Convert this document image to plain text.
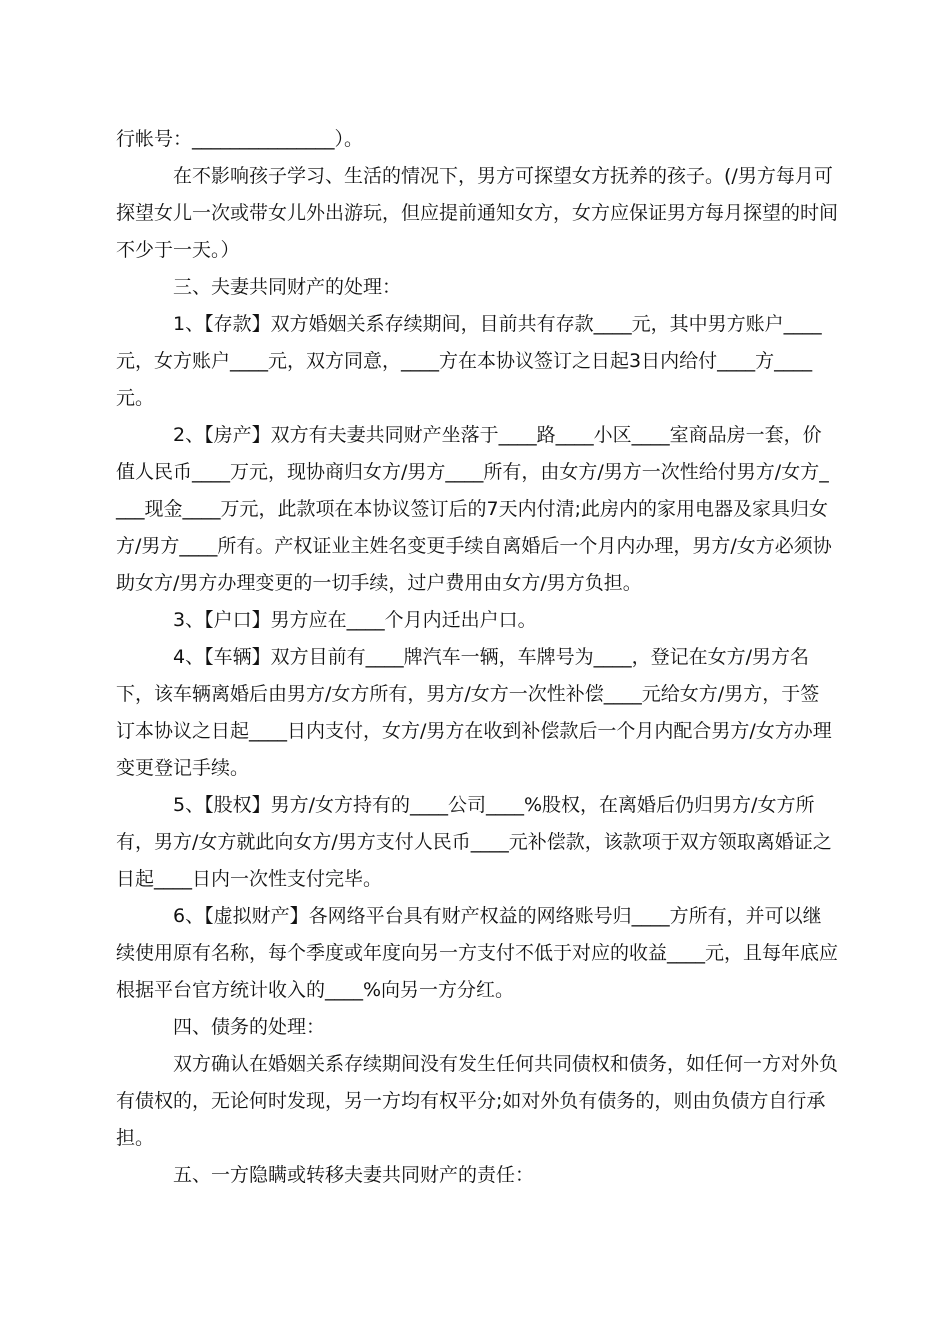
行帐号：_______________）。

在不影响孩子学习、生活的情况下，男方可探望女方抚养的孩子。(/男方每月可探望女儿一次或带女儿外出游玩，但应提前通知女方，女方应保证男方每月探望的时间不少于一天。）

三、夫妻共同财产的处理：

1、【存款】双方婚姻关系存续期间，目前共有存款____元，其中男方账户____元，女方账户____元，双方同意，____方在本协议签订之日起3日内给付____方____元。

2、【房产】双方有夫妻共同财产坐落于____路____小区____室商品房一套，价值人民币____万元，现协商归女方/男方____所有，由女方/男方一次性给付男方/女方____现金____万元，此款项在本协议签订后的7天内付清;此房内的家用电器及家具归女方/男方____所有。产权证业主姓名变更手续自离婚后一个月内办理，男方/女方必须协助女方/男方办理变更的一切手续，过户费用由女方/男方负担。

3、【户口】男方应在____个月内迁出户口。

4、【车辆】双方目前有____牌汽车一辆，车牌号为____，登记在女方/男方名下，该车辆离婚后由男方/女方所有，男方/女方一次性补偿____元给女方/男方，于签订本协议之日起____日内支付，女方/男方在收到补偿款后一个月内配合男方/女方办理变更登记手续。

5、【股权】男方/女方持有的____公司____%股权，在离婚后仍归男方/女方所有，男方/女方就此向女方/男方支付人民币____元补偿款，该款项于双方领取离婚证之日起____日内一次性支付完毕。

6、【虚拟财产】各网络平台具有财产权益的网络账号归____方所有，并可以继续使用原有名称，每个季度或年度向另一方支付不低于对应的收益____元，且每年底应根据平台官方统计收入的____%向另一方分红。

四、债务的处理：

双方确认在婚姻关系存续期间没有发生任何共同债权和债务，如任何一方对外负有债权的，无论何时发现，另一方均有权平分;如对外负有债务的，则由负债方自行承担。

五、一方隐瞒或转移夫妻共同财产的责任：
